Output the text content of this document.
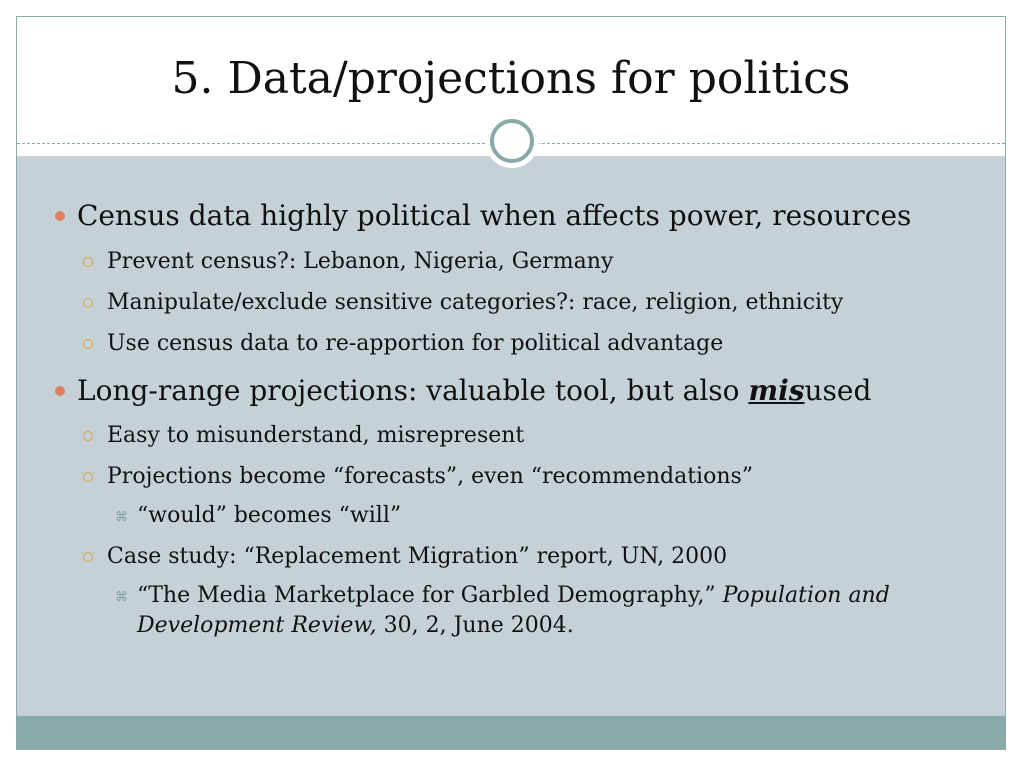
5. Data/projections for politics
Census data highly political when affects power, resources
Prevent census?: Lebanon, Nigeria, Germany
Manipulate/exclude sensitive categories?: race, religion, ethnicity
Use census data to re-apportion for political advantage
Long-range projections: valuable tool, but also misused
Easy to misunderstand, misrepresent
Projections become “forecasts”, even “recommendations”
⌘ “would” becomes “will”
Case study: “Replacement Migration” report, UN, 2000
⌘ “The Media Marketplace for Garbled Demography,” Population and Development Review, 30, 2, June 2004.
